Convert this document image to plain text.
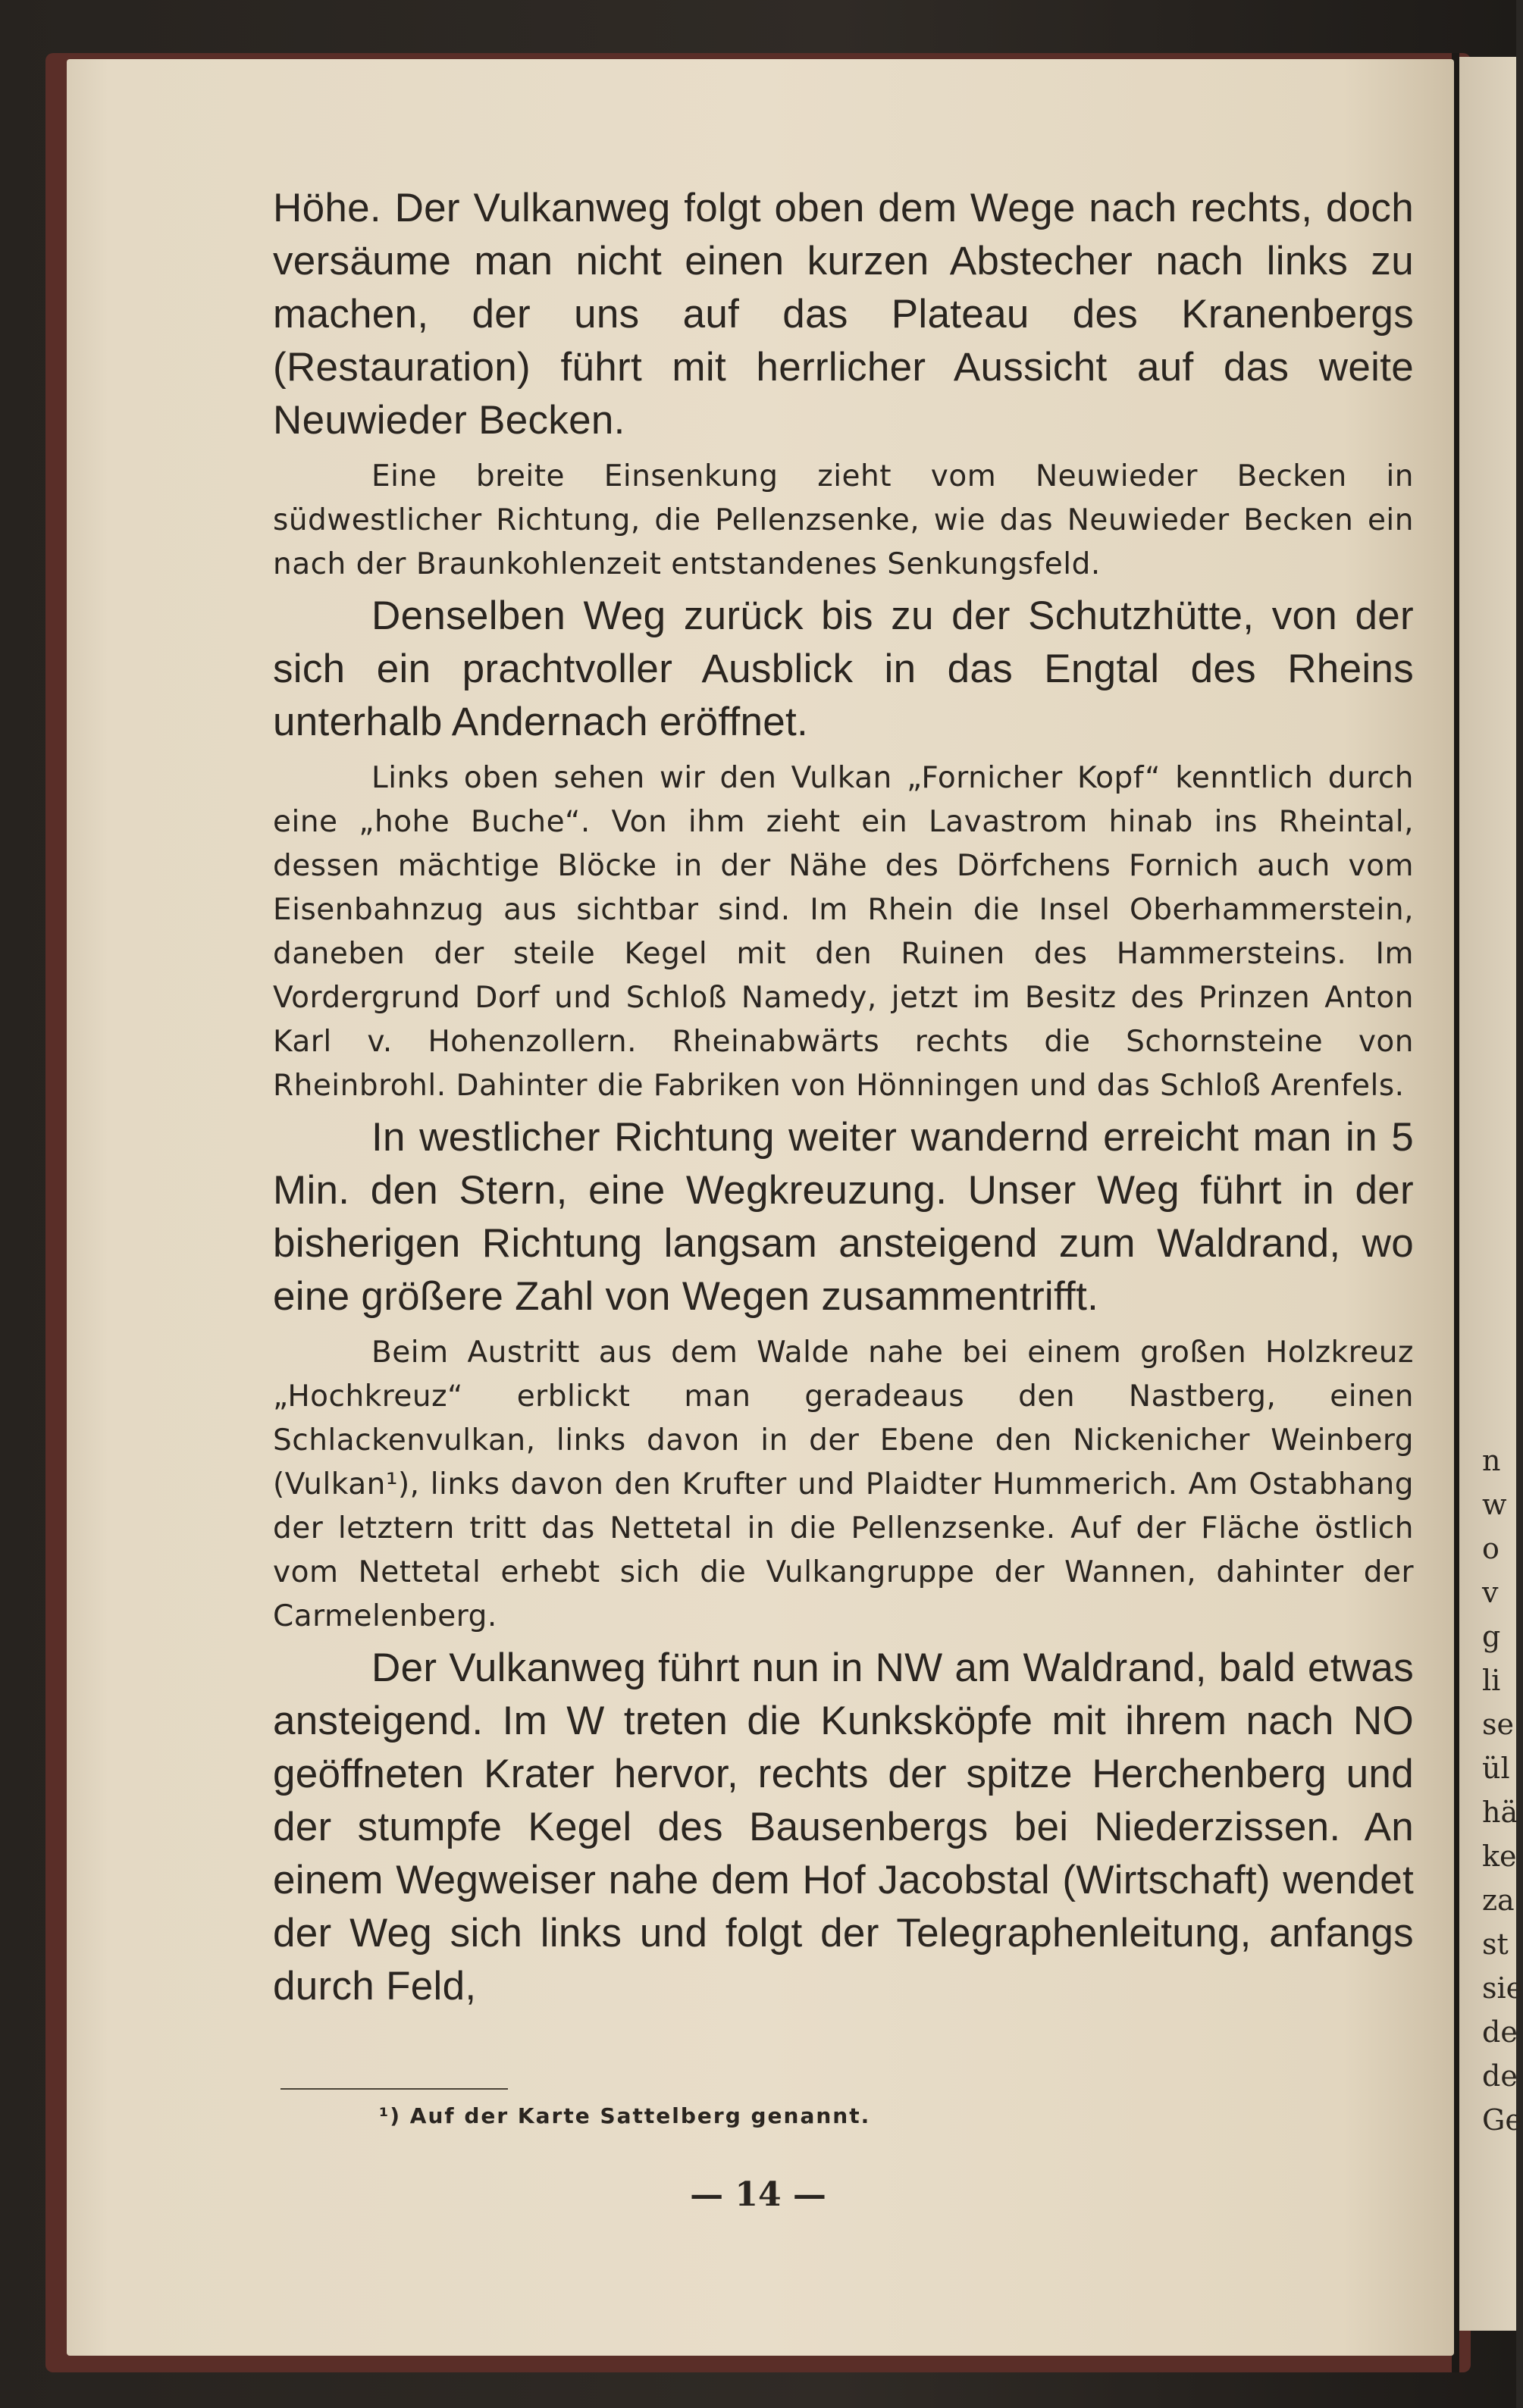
n
w
o
v
g
li
se
ül
hä
ke
za
st
sie
de
de
Ge

Höhe. Der Vulkanweg folgt oben dem Wege nach rechts, doch versäume man nicht einen kurzen Abstecher nach links zu machen, der uns auf das Plateau des Kranenbergs (Restauration) führt mit herrlicher Aussicht auf das weite Neuwieder Becken.

Eine breite Einsenkung zieht vom Neuwieder Becken in südwestlicher Richtung, die Pellenzsenke, wie das Neuwieder Becken ein nach der Braunkohlenzeit entstandenes Senkungsfeld.

Denselben Weg zurück bis zu der Schutzhütte, von der sich ein prachtvoller Ausblick in das Engtal des Rheins unterhalb Andernach eröffnet.

Links oben sehen wir den Vulkan „Fornicher Kopf“ kenntlich durch eine „hohe Buche“. Von ihm zieht ein Lavastrom hinab ins Rheintal, dessen mächtige Blöcke in der Nähe des Dörfchens Fornich auch vom Eisenbahnzug aus sichtbar sind. Im Rhein die Insel Oberhammerstein, daneben der steile Kegel mit den Ruinen des Hammersteins. Im Vordergrund Dorf und Schloß Namedy, jetzt im Besitz des Prinzen Anton Karl v. Hohenzollern. Rheinabwärts rechts die Schornsteine von Rheinbrohl. Dahinter die Fabriken von Hönningen und das Schloß Arenfels.

In westlicher Richtung weiter wandernd erreicht man in 5 Min. den Stern, eine Wegkreuzung. Unser Weg führt in der bisherigen Richtung langsam ansteigend zum Waldrand, wo eine größere Zahl von Wegen zusammentrifft.

Beim Austritt aus dem Walde nahe bei einem großen Holzkreuz „Hochkreuz“ erblickt man geradeaus den Nastberg, einen Schlackenvulkan, links davon in der Ebene den Nickenicher Weinberg (Vulkan¹), links davon den Krufter und Plaidter Hummerich. Am Ostabhang der letztern tritt das Nettetal in die Pellenzsenke. Auf der Fläche östlich vom Nettetal erhebt sich die Vulkangruppe der Wannen, dahinter der Carmelenberg.

Der Vulkanweg führt nun in NW am Waldrand, bald etwas ansteigend. Im W treten die Kunksköpfe mit ihrem nach NO geöffneten Krater hervor, rechts der spitze Herchenberg und der stumpfe Kegel des Bausenbergs bei Niederzissen. An einem Wegweiser nahe dem Hof Jacobstal (Wirtschaft) wendet der Weg sich links und folgt der Telegraphenleitung, anfangs durch Feld,

¹) Auf der Karte Sattelberg genannt.
— 14 —
